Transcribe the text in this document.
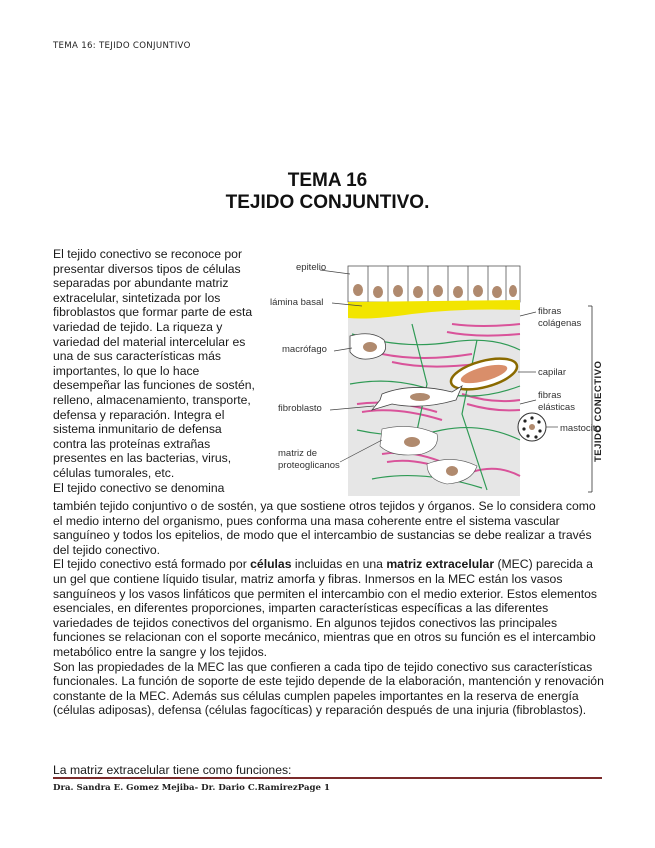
TEMA 16: TEJIDO CONJUNTIVO
TEMA 16
TEJIDO CONJUNTIVO.

El tejido conectivo se reconoce por presentar diversos tipos de células separadas por abundante matriz extracelular, sintetizada por los fibroblastos que formar parte de esta variedad de tejido. La riqueza y variedad del material intercelular es una de sus características más importantes, lo que lo hace desempeñar las funciones de sostén, relleno, almacenamiento, transporte, defensa y reparación. Integra el sistema inmunitario de defensa contra las proteínas extrañas presentes en las bacterias, virus, células tumorales, etc.

El tejido conectivo se denomina

epitelio
lámina basal
macrófago
fibroblasto
matriz de
proteoglicanos
fibras
colágenas
capilar
fibras
elásticas
mastocito
TEJIDO CONECTIVO

también tejido conjuntivo o de sostén, ya que sostiene otros tejidos y órganos. Se lo considera como el medio interno del organismo, pues conforma una masa coherente entre el sistema vascular sanguíneo y todos los epitelios, de modo que el intercambio de sustancias se debe realizar a través del tejido conectivo.

El tejido conectivo está formado por células incluidas en una matriz extracelular (MEC) parecida a un gel que contiene líquido tisular, matriz amorfa y fibras. Inmersos en la MEC están los vasos sanguíneos y los vasos linfáticos que permiten el intercambio con el medio exterior. Estos elementos esenciales, en diferentes proporciones, imparten características específicas a las diferentes variedades de tejidos conectivos del organismo. En algunos tejidos conectivos las principales funciones se relacionan con el soporte mecánico, mientras que en otros su función es el intercambio metabólico entre la sangre y los tejidos.

Son las propiedades de la MEC las que confieren a cada tipo de tejido conectivo sus características funcionales. La función de soporte de este tejido depende de la elaboración, mantención y renovación constante de la MEC. Además sus células cumplen papeles importantes en la reserva de energía (células adiposas), defensa (células fagocíticas) y reparación después de una injuria (fibroblastos).

La matriz extracelular tiene como funciones:
Dra. Sandra E. Gomez Mejiba- Dr. Dario C.RamirezPage 1
